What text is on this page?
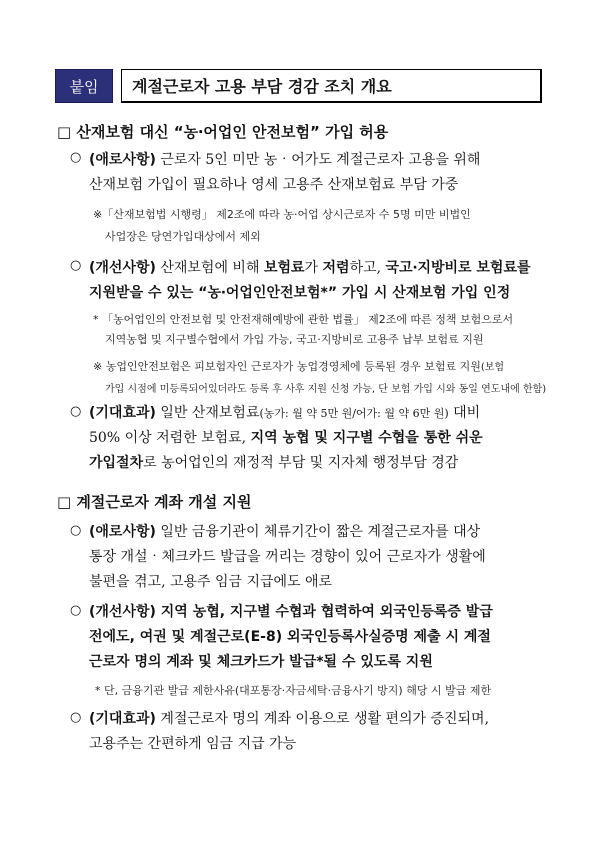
붙임	계절근로자 고용 부담 경감 조치 개요
□ 산재보험 대신 “농‧어업인 안전보험” 가입 허용
○ (애로사항) 근로자 5인 미만 농‧어가도 계절근로자 고용을 위해
산재보험 가입이 필요하나 영세 고용주 산재보험료 부담 가중
※「산재보험법 시행령」 제2조에 따라 농‧어업 상시근로자 수 5명 미만 비법인
사업장은 당연가입대상에서 제외
○ (개선사항) 산재보험에 비해 보험료가 저렴하고, 국고‧지방비로 보험료를
지원받을 수 있는 “농‧어업인안전보험*” 가입 시 산재보험 가입 인정
* 「농어업인의 안전보험 및 안전재해예방에 관한 법률」 제2조에 따른 정책 보험으로서
지역농협 및 지구별수협에서 가입 가능, 국고‧지방비로 고용주 납부 보험료 지원
※ 농업인안전보험은 피보험자인 근로자가 농업경영체에 등록된 경우 보험료 지원(보험
가입 시점에 미등록되어있더라도 등록 후 사후 지원 신청 가능, 단 보험 가입 시와 동일 연도내에 한함)
○ (기대효과) 일반 산재보험료(농가: 월 약 5만 원/어가: 월 약 6만 원) 대비
50% 이상 저렴한 보험료, 지역 농협 및 지구별 수협을 통한 쉬운
가입절차로 농어업인의 재정적 부담 및 지자체 행정부담 경감
□ 계절근로자 계좌 개설 지원
○ (애로사항) 일반 금융기관이 체류기간이 짧은 계절근로자를 대상
통장 개설‧체크카드 발급을 꺼리는 경향이 있어 근로자가 생활에
불편을 겪고, 고용주 임금 지급에도 애로
○ (개선사항) 지역 농협, 지구별 수협과 협력하여 외국인등록증 발급
전에도, 여권 및 계절근로(E-8) 외국인등록사실증명 제출 시 계절
근로자 명의 계좌 및 체크카드가 발급*될 수 있도록 지원
* 단, 금융기관 발급 제한사유(대포통장‧자금세탁‧금융사기 방지) 해당 시 발급 제한
○ (기대효과) 계절근로자 명의 계좌 이용으로 생활 편의가 증진되며,
고용주는 간편하게 임금 지급 가능
